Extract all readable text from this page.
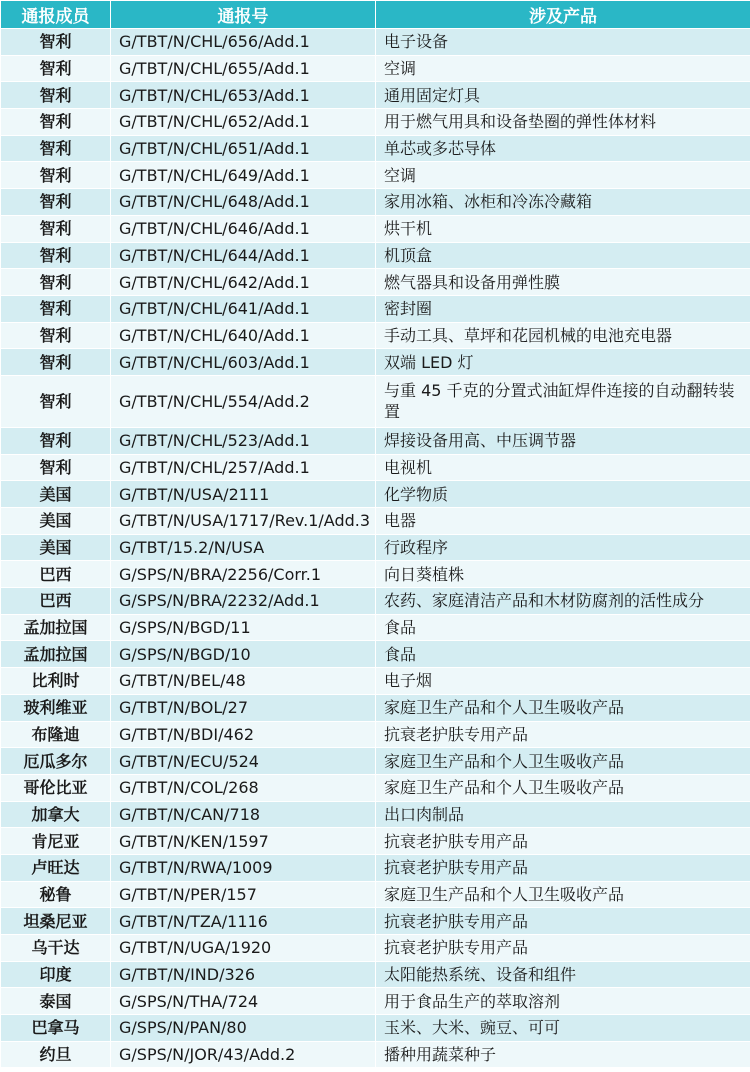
通报成员	通报号	涉及产品
智利	G/TBT/N/CHL/656/Add.1	电子设备
智利	G/TBT/N/CHL/655/Add.1	空调
智利	G/TBT/N/CHL/653/Add.1	通用固定灯具
智利	G/TBT/N/CHL/652/Add.1	用于燃气用具和设备垫圈的弹性体材料
智利	G/TBT/N/CHL/651/Add.1	单芯或多芯导体
智利	G/TBT/N/CHL/649/Add.1	空调
智利	G/TBT/N/CHL/648/Add.1	家用冰箱、冰柜和冷冻冷藏箱
智利	G/TBT/N/CHL/646/Add.1	烘干机
智利	G/TBT/N/CHL/644/Add.1	机顶盒
智利	G/TBT/N/CHL/642/Add.1	燃气器具和设备用弹性膜
智利	G/TBT/N/CHL/641/Add.1	密封圈
智利	G/TBT/N/CHL/640/Add.1	手动工具、草坪和花园机械的电池充电器
智利	G/TBT/N/CHL/603/Add.1	双端 LED 灯
智利	G/TBT/N/CHL/554/Add.2	与重 45 千克的分置式油缸焊件连接的自动翻转装置
智利	G/TBT/N/CHL/523/Add.1	焊接设备用高、中压调节器
智利	G/TBT/N/CHL/257/Add.1	电视机
美国	G/TBT/N/USA/2111	化学物质
美国	G/TBT/N/USA/1717/Rev.1/Add.3	电器
美国	G/TBT/15.2/N/USA	行政程序
巴西	G/SPS/N/BRA/2256/Corr.1	向日葵植株
巴西	G/SPS/N/BRA/2232/Add.1	农药、家庭清洁产品和木材防腐剂的活性成分
孟加拉国	G/SPS/N/BGD/11	食品
孟加拉国	G/SPS/N/BGD/10	食品
比利时	G/TBT/N/BEL/48	电子烟
玻利维亚	G/TBT/N/BOL/27	家庭卫生产品和个人卫生吸收产品
布隆迪	G/TBT/N/BDI/462	抗衰老护肤专用产品
厄瓜多尔	G/TBT/N/ECU/524	家庭卫生产品和个人卫生吸收产品
哥伦比亚	G/TBT/N/COL/268	家庭卫生产品和个人卫生吸收产品
加拿大	G/TBT/N/CAN/718	出口肉制品
肯尼亚	G/TBT/N/KEN/1597	抗衰老护肤专用产品
卢旺达	G/TBT/N/RWA/1009	抗衰老护肤专用产品
秘鲁	G/TBT/N/PER/157	家庭卫生产品和个人卫生吸收产品
坦桑尼亚	G/TBT/N/TZA/1116	抗衰老护肤专用产品
乌干达	G/TBT/N/UGA/1920	抗衰老护肤专用产品
印度	G/TBT/N/IND/326	太阳能热系统、设备和组件
泰国	G/SPS/N/THA/724	用于食品生产的萃取溶剂
巴拿马	G/SPS/N/PAN/80	玉米、大米、豌豆、可可
约旦	G/SPS/N/JOR/43/Add.2	播种用蔬菜种子
